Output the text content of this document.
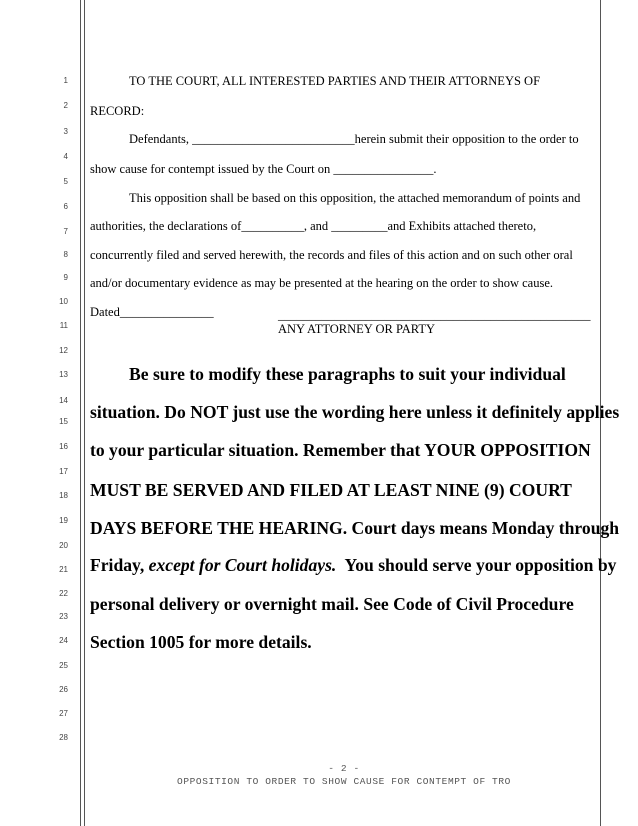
1
2
3
4
5
6
7
8
9
10
11
12
13
14
15
16
17
18
19
20
21
22
23
24
25
26
27
28
TO THE COURT, ALL INTERESTED PARTIES AND THEIR ATTORNEYS OF
RECORD:
Defendants, __________________________herein submit their opposition to the order to
show cause for contempt issued by the Court on ________________.
This opposition shall be based on this opposition, the attached memorandum of points and
authorities, the declarations of__________, and _________and Exhibits attached thereto,
concurrently filed and served herewith, the records and files of this action and on such other oral
and/or documentary evidence as may be presented at the hearing on the order to show cause.
Dated_______________	__________________________________________________
ANY ATTORNEY OR PARTY
Be sure to modify these paragraphs to suit your individual
situation. Do NOT just use the wording here unless it definitely applies
to your particular situation. Remember that YOUR OPPOSITION
MUST BE SERVED AND FILED AT LEAST NINE (9) COURT
DAYS BEFORE THE HEARING. Court days means Monday through
Friday, except for Court holidays.  You should serve your opposition by
personal delivery or overnight mail. See Code of Civil Procedure
Section 1005 for more details.
- 2 -
OPPOSITION TO ORDER TO SHOW CAUSE FOR CONTEMPT OF TRO
